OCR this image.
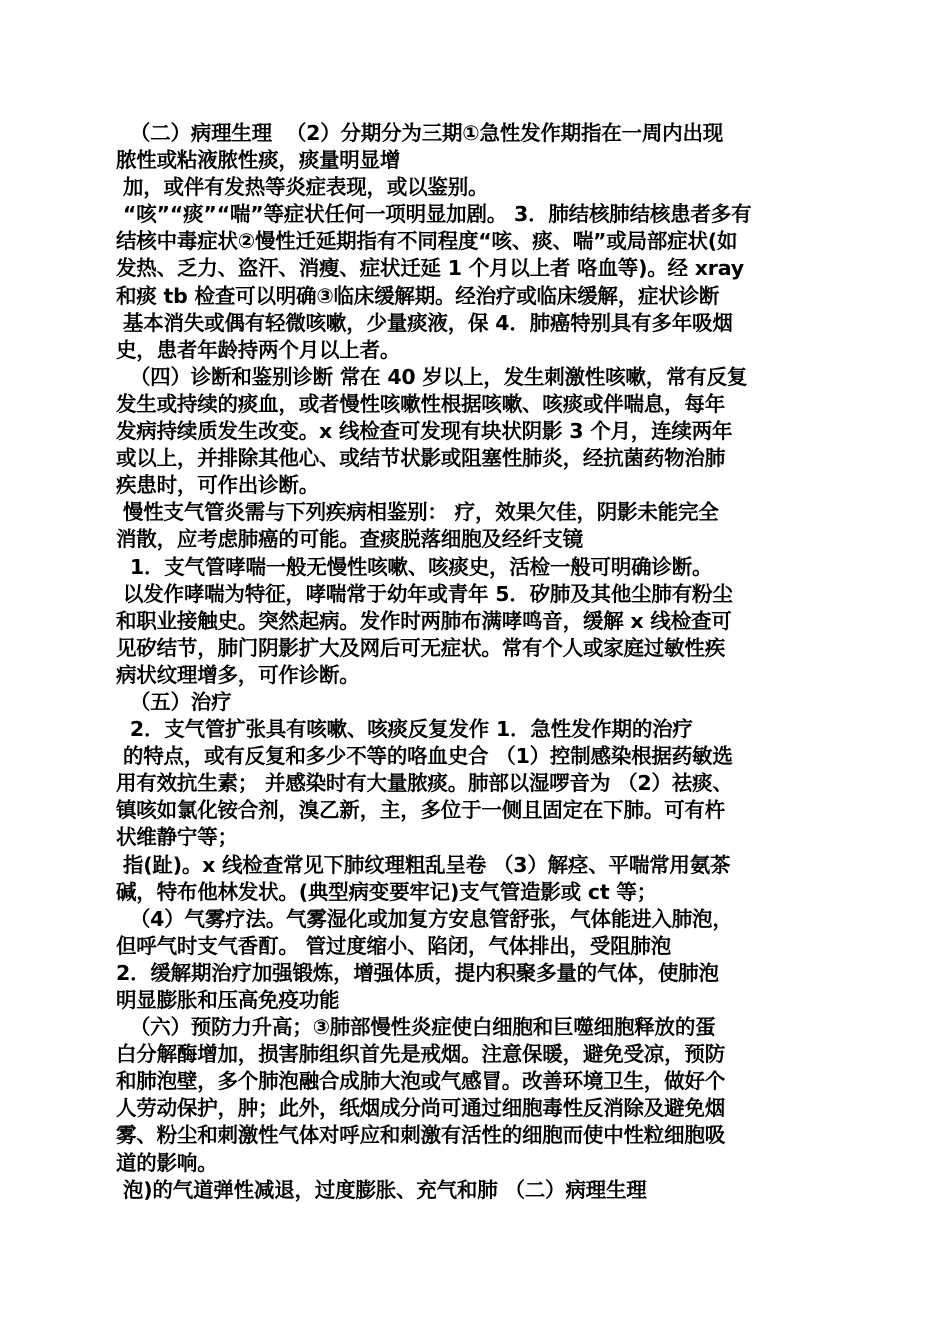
（二）病理生理  （2）分期分为三期①急性发作期指在一周内出现
脓性或粘液脓性痰，痰量明显增
加，或伴有发热等炎症表现，或以鉴别。
“咳”“痰”“喘”等症状任何一项明显加剧。 3．肺结核肺结核患者多有
结核中毒症状②慢性迁延期指有不同程度“咳、痰、喘”或局部症状(如
发热、乏力、盗汗、消瘦、症状迁延 1 个月以上者 咯血等)。经 xray
和痰 tb 检查可以明确③临床缓解期。经治疗或临床缓解，症状诊断
基本消失或偶有轻微咳嗽，少量痰液，保 4．肺癌特别具有多年吸烟
史，患者年龄持两个月以上者。
（四）诊断和鉴别诊断 常在 40 岁以上，发生刺激性咳嗽，常有反复
发生或持续的痰血，或者慢性咳嗽性根据咳嗽、咳痰或伴喘息，每年
发病持续质发生改变。x 线检查可发现有块状阴影 3 个月，连续两年
或以上，并排除其他心、或结节状影或阻塞性肺炎，经抗菌药物治肺
疾患时，可作出诊断。
慢性支气管炎需与下列疾病相鉴别： 疗，效果欠佳，阴影未能完全
消散，应考虑肺癌的可能。查痰脱落细胞及经纤支镜
1．支气管哮喘一般无慢性咳嗽、咳痰史，活检一般可明确诊断。
以发作哮喘为特征，哮喘常于幼年或青年 5．矽肺及其他尘肺有粉尘
和职业接触史。突然起病。发作时两肺布满哮鸣音，缓解 x 线检查可
见矽结节，肺门阴影扩大及网后可无症状。常有个人或家庭过敏性疾
病状纹理增多，可作诊断。
（五）治疗
2．支气管扩张具有咳嗽、咳痰反复发作 1．急性发作期的治疗
的特点，或有反复和多少不等的咯血史合 （1）控制感染根据药敏选
用有效抗生素； 并感染时有大量脓痰。肺部以湿啰音为 （2）祛痰、
镇咳如氯化铵合剂，溴乙新，主，多位于一侧且固定在下肺。可有杵
状维静宁等；
指(趾)。x 线检查常见下肺纹理粗乱呈卷 （3）解痉、平喘常用氨茶
碱，特布他林发状。(典型病变要牢记)支气管造影或 ct 等；
（4）气雾疗法。气雾湿化或加复方安息管舒张，气体能进入肺泡，
但呼气时支气香酊。 管过度缩小、陷闭，气体排出，受阻肺泡
2．缓解期治疗加强锻炼，增强体质，提内积聚多量的气体，使肺泡
明显膨胀和压高免疫功能
（六）预防力升高；③肺部慢性炎症使白细胞和巨噬细胞释放的蛋
白分解酶增加，损害肺组织首先是戒烟。注意保暖，避免受凉，预防
和肺泡壁，多个肺泡融合成肺大泡或气感冒。改善环境卫生，做好个
人劳动保护，肿；此外，纸烟成分尚可通过细胞毒性反消除及避免烟
雾、粉尘和刺激性气体对呼应和刺激有活性的细胞而使中性粒细胞吸
道的影响。
泡)的气道弹性减退，过度膨胀、充气和肺 （二）病理生理
